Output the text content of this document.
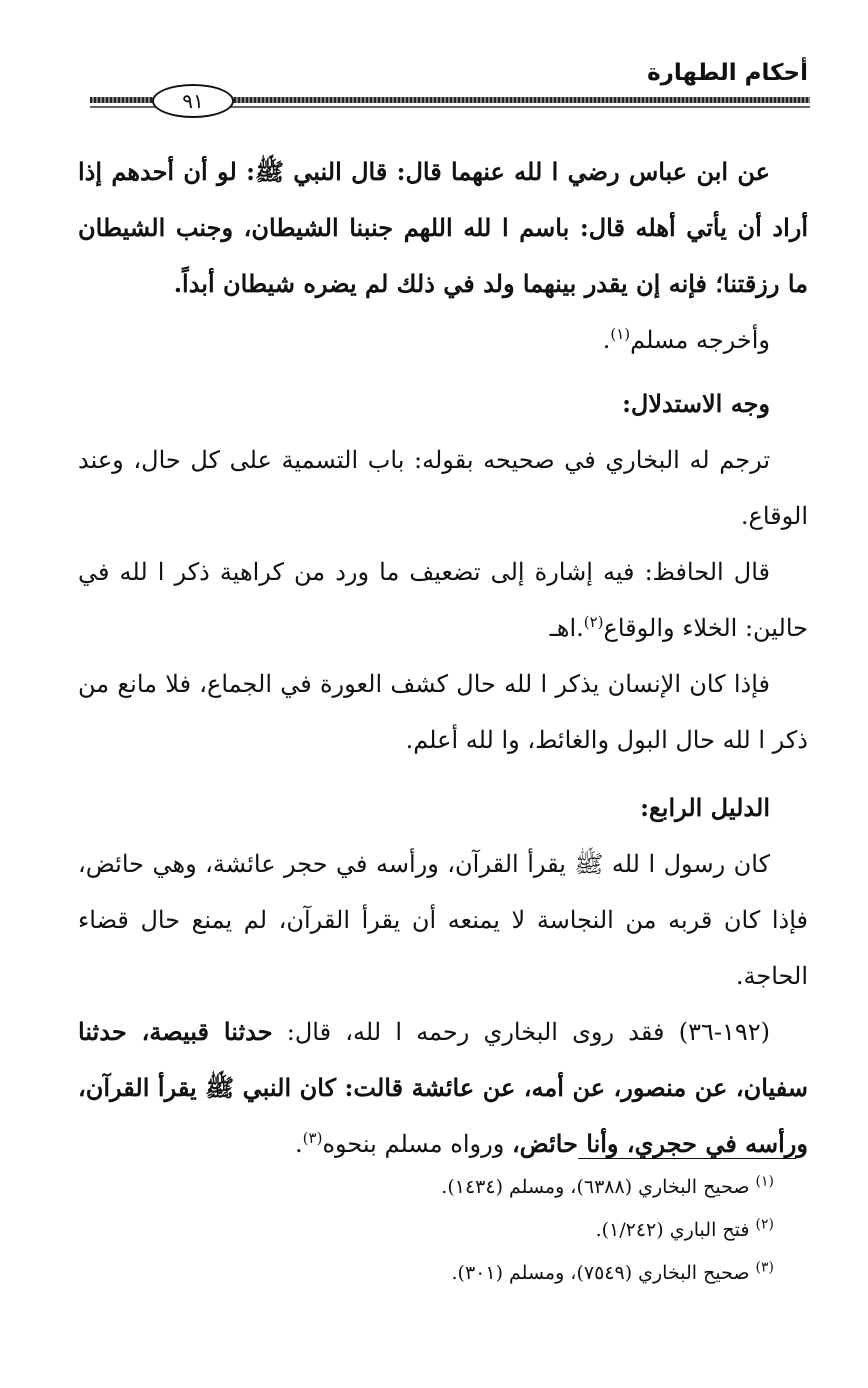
أحكام الطهارة
٩١

عن ابن عباس رضي ا لله عنهما قال: قال النبي ﷺ: لو أن أحدهم إذا أراد أن يأتي أهله قال: باسم ا لله اللهم جنبنا الشيطان، وجنب الشيطان ما رزقتنا؛ فإنه إن يقدر بينهما ولد في ذلك لم يضره شيطان أبداً.

وأخرجه مسلم$^{(١)}$.

وجه الاستدلال:

ترجم له البخاري في صحيحه بقوله: باب التسمية على كل حال، وعند الوقاع.

قال الحافظ: فيه إشارة إلى تضعيف ما ورد من كراهية ذكر ا لله في حالين: الخلاء والوقاع$^{(٢)}$.اهـ

فإذا كان الإنسان يذكر ا لله حال كشف العورة في الجماع، فلا مانع من ذكر ا لله حال البول والغائط، وا لله أعلم.

الدليل الرابع:

كان رسول ا لله ﷺ يقرأ القرآن، ورأسه في حجر عائشة، وهي حائض، فإذا كان قربه من النجاسة لا يمنعه أن يقرأ القرآن، لم يمنع حال قضاء الحاجة.

(١٩٢-٣٦) فقد روى البخاري رحمه ا لله، قال: حدثنا قبيصة، حدثنا سفيان، عن منصور، عن أمه، عن عائشة قالت: كان النبي ﷺ يقرأ القرآن، ورأسه في حجري، وأنا حائض، ورواه مسلم بنحوه$^{(٣)}$.

$^{(١)}$ صحيح البخاري (٦٣٨٨)، ومسلم (١٤٣٤).
$^{(٢)}$ فتح الباري (١/٢٤٢).
$^{(٣)}$ صحيح البخاري (٧٥٤٩)، ومسلم (٣٠١).
